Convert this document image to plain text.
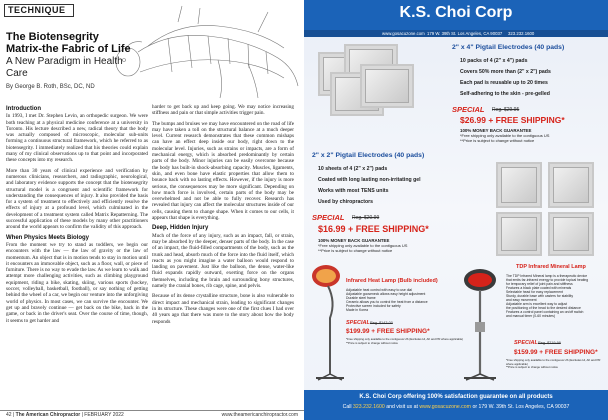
TECHNIQUE
The Biotensegrity
Matrix-the Fabric of Life
A New Paradigm in Health
Care
By George B. Roth, BSc, DC, ND
Introduction

In 1993, I met Dr. Stephen Levin, an orthopedic surgeon. We were both teaching at a physical medicine conference at a university in Toronto. His lecture described a new, radical theory that the body was actually composed of microscopic, molecular sub-units forming a continuous structural framework, which he referred to as biotensegrity. I immediately realized that his theories could explain many of my clinical observations up to that point and incorporated these concepts into my research.

More than 30 years of clinical experience and verification by numerous clinicians, researchers, and radiographic, neurological, and laboratory evidence supports the concept that the biotensegrity structural model is a congruent and scientific framework for understanding the consequences of injury. It also provided the basis for a system of treatment to effectively and efficiently resolve the effects of injury at a profound level, which culminated in the development of a treatment system called Matrix Repatterning. The successful application of these models by many other practitioners around the world appears to confirm the validity of this approach.

When Physics Meets Biology

From the moment we try to stand as toddlers, we begin our encounters with the law — the law of gravity or the law of momentum. An object that is in motion tends to stay in motion until it encounters an immovable object, such as a floor, wall, or piece of furniture. There is no way to evade the law. As we learn to walk and attempt more challenging activities, such as climbing playground equipment, riding a bike, skating, skiing, various sports (hockey, soccer, volleyball, basketball, football), or say nothing of getting behind the wheel of a car, we begin our venture into the unforgiving world of physics. In most cases, we can survive the encounter. We get up and bravely continue — get back on the bike, back in the game, or back in the driver's seat. Over the course of time, though, it seems to get harder and

harder to get back up and keep going. We may notice increasing stiffness and pain or that simple activities trigger pain.

The bumps and bruises we may have encountered on the road of life may have taken a toll on the structural balance at a much deeper level. Current research demonstrates that these common mishaps can have an effect deep inside our body, right down to the molecular level. Injuries, such as strains or impacts, are a form of mechanical energy, which is absorbed predominantly by certain parts of the body. Minor injuries can be easily overcome because the body has built-in shock-absorbing capacity. Muscles, ligaments, skin, and even bone have elastic properties that allow them to bounce back with no lasting effects. However, if the injury is more serious, the consequences may be more significant. Depending on how much force is involved, certain parts of the body may be overwhelmed and not be able to fully recover. Research has revealed that injury can affect the molecular structures inside of our cells, causing them to change shape. When it comes to our cells, it appears that shape is everything.

Deep, Hidden Injury

Much of the force of any injury, such as an impact, fall, or strain, may be absorbed by the deeper, denser parts of the body. In the case of an impact, the fluid-filled compartments of the body, such as the trunk and head, absorb much of the force into the fluid itself, which reacts as you might imagine a water balloon would respond to landing on pavement. Just like the balloon, the dense, water-like fluid expands rapidly outward, exerting force on the organs themselves, including the brain and surrounding bony structures, namely the cranial bones, rib cage, spine, and pelvis.

Because of its dense crystalline structure, bone is also vulnerable to direct impact and mechanical strain, leading to significant changes in its structure. These changes were one of the first clues I had over 40 years ago that there was more to the story about how the body responds

42 | The American Chiropractor | FEBRUARY 2022	www.theamericanchiropractor.com
K.S. Choi Corp
www.gosacuzone.com 179 W. 39th St. Los Angeles, CA 90037 323.232.1600
2" x 4" Pigtail Electrodes (40 pads)
10 packs of 4 (2" x 4") pads
Covers 50% more than (2" x 2") pads
Each pad is reusable up to 20 times
Self-adhering to the skin - pre-gelled
SPECIAL Reg. $29.95
$26.99 + FREE SHIPPING*
100% MONEY BACK GUARANTEE
*Free shipping only available to the contiguous US
**Price is subject to change without notice
2" x 2" Pigtail Electrodes (40 pads)
10 sheets of 4 (2" x 2") pads
Coated with long lasting non-irritating gel
Works with most TENS units
Used by chiropractors
SPECIAL Reg. $20.99
$16.99 + FREE SHIPPING*
100% MONEY BACK GUARANTEE
*Free shipping only available to the contiguous US
**Price is subject to change without notice
Infrared Heat Lamp (Bulb included)
Adjustable heat control with easy to use dial
Adjustable gooseneck allows easy height adjustment
Durable steel frame
Ceramic allows you to control the heat from a distance
Protective screen included for safety
Made in Korea
SPECIAL Reg. $143.00
$199.99 + FREE SHIPPING*
*Free shipping only available to the contiguous US (Excludes HI, AK and PR where applicable)
**Price is subject to change without notice
TDP Infrared Mineral Lamp
The TDP Infrared Mineral lamp is a therapeutic device
that emits far-infrared energy to provide topical heating
for temporary relief of joint pain and stiffness
Features a black plate coated with minerals
Selectable head for easy replacement
Sturdy, durable base with casters for stability
and easy movement
Adjustable arm is excellent way to adjust
the positioning of the head to the desired distance
Features a control panel containing an on/off switch
and manual timer (0-60 minutes)
SPECIAL Reg. $219.99
$159.99 + FREE SHIPPING*
*Free shipping only available to the contiguous US (Excludes HI, AK and PR where applicable)
**Price is subject to change without notice
K.S. Choi Corp offering 100% satisfaction guarantee on all products
Call 323.232.1600 and visit us at www.gosacuzone.com or 179 W. 39th St. Los Angeles, CA 90037
